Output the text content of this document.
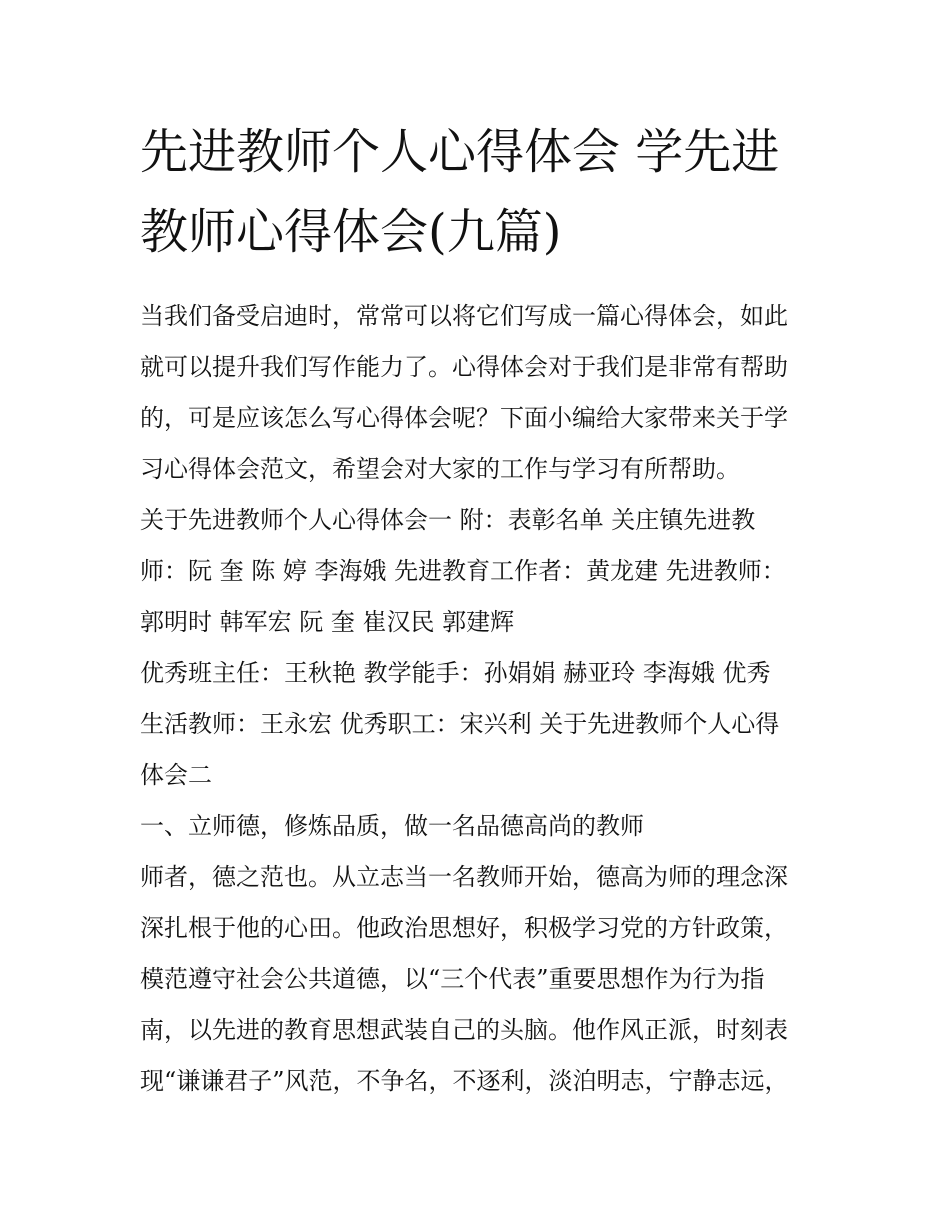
先进教师个人心得体会 学先进
教师心得体会(九篇)
当我们备受启迪时，常常可以将它们写成一篇心得体会，如此
就可以提升我们写作能力了。心得体会对于我们是非常有帮助
的，可是应该怎么写心得体会呢？下面小编给大家带来关于学
习心得体会范文，希望会对大家的工作与学习有所帮助。
关于先进教师个人心得体会一 附：表彰名单 关庄镇先进教
师：阮 奎 陈 婷 李海娥 先进教育工作者：黄龙建 先进教师：
郭明时 韩军宏 阮 奎 崔汉民 郭建辉
优秀班主任：王秋艳 教学能手：孙娟娟 赫亚玲 李海娥 优秀
生活教师：王永宏 优秀职工：宋兴利 关于先进教师个人心得
体会二
一、立师德，修炼品质，做一名品德高尚的教师
师者，德之范也。从立志当一名教师开始，德高为师的理念深
深扎根于他的心田。他政治思想好，积极学习党的方针政策，
模范遵守社会公共道德，以“三个代表”重要思想作为行为指
南，以先进的教育思想武装自己的头脑。他作风正派，时刻表
现“谦谦君子”风范，不争名，不逐利，淡泊明志，宁静志远，
